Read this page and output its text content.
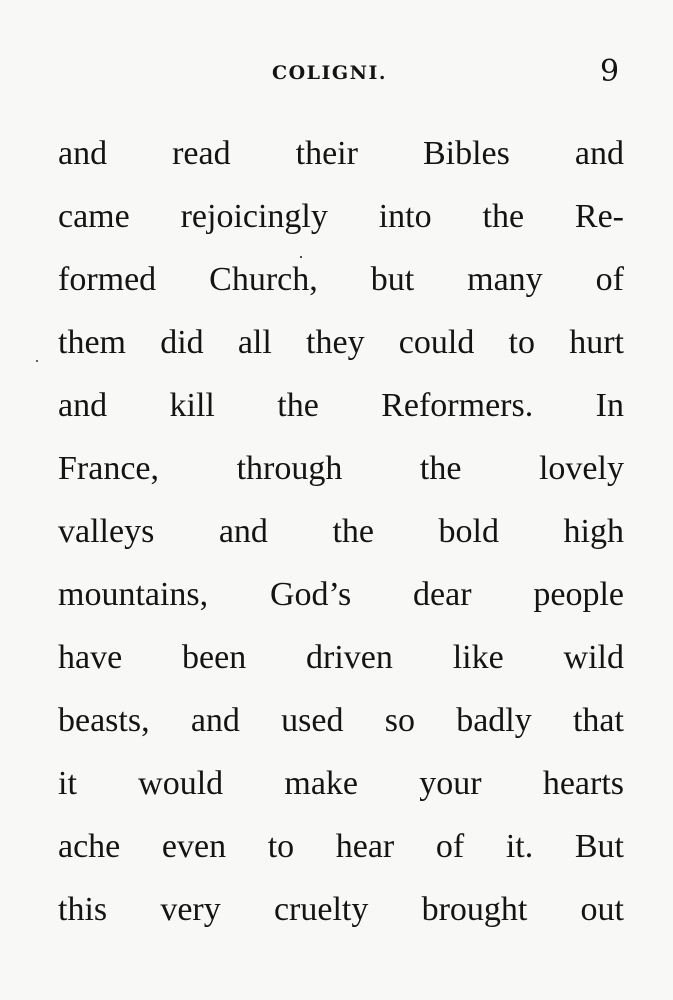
COLIGNI.	9
and read their Bibles and
came rejoicingly into the Re-
formed Church, but many of
them did all they could to hurt
and kill the Reformers. In
France, through the lovely
valleys and the bold high
mountains, God’s dear people
have been driven like wild
beasts, and used so badly that
it would make your hearts
ache even to hear of it. But
this very cruelty brought out
